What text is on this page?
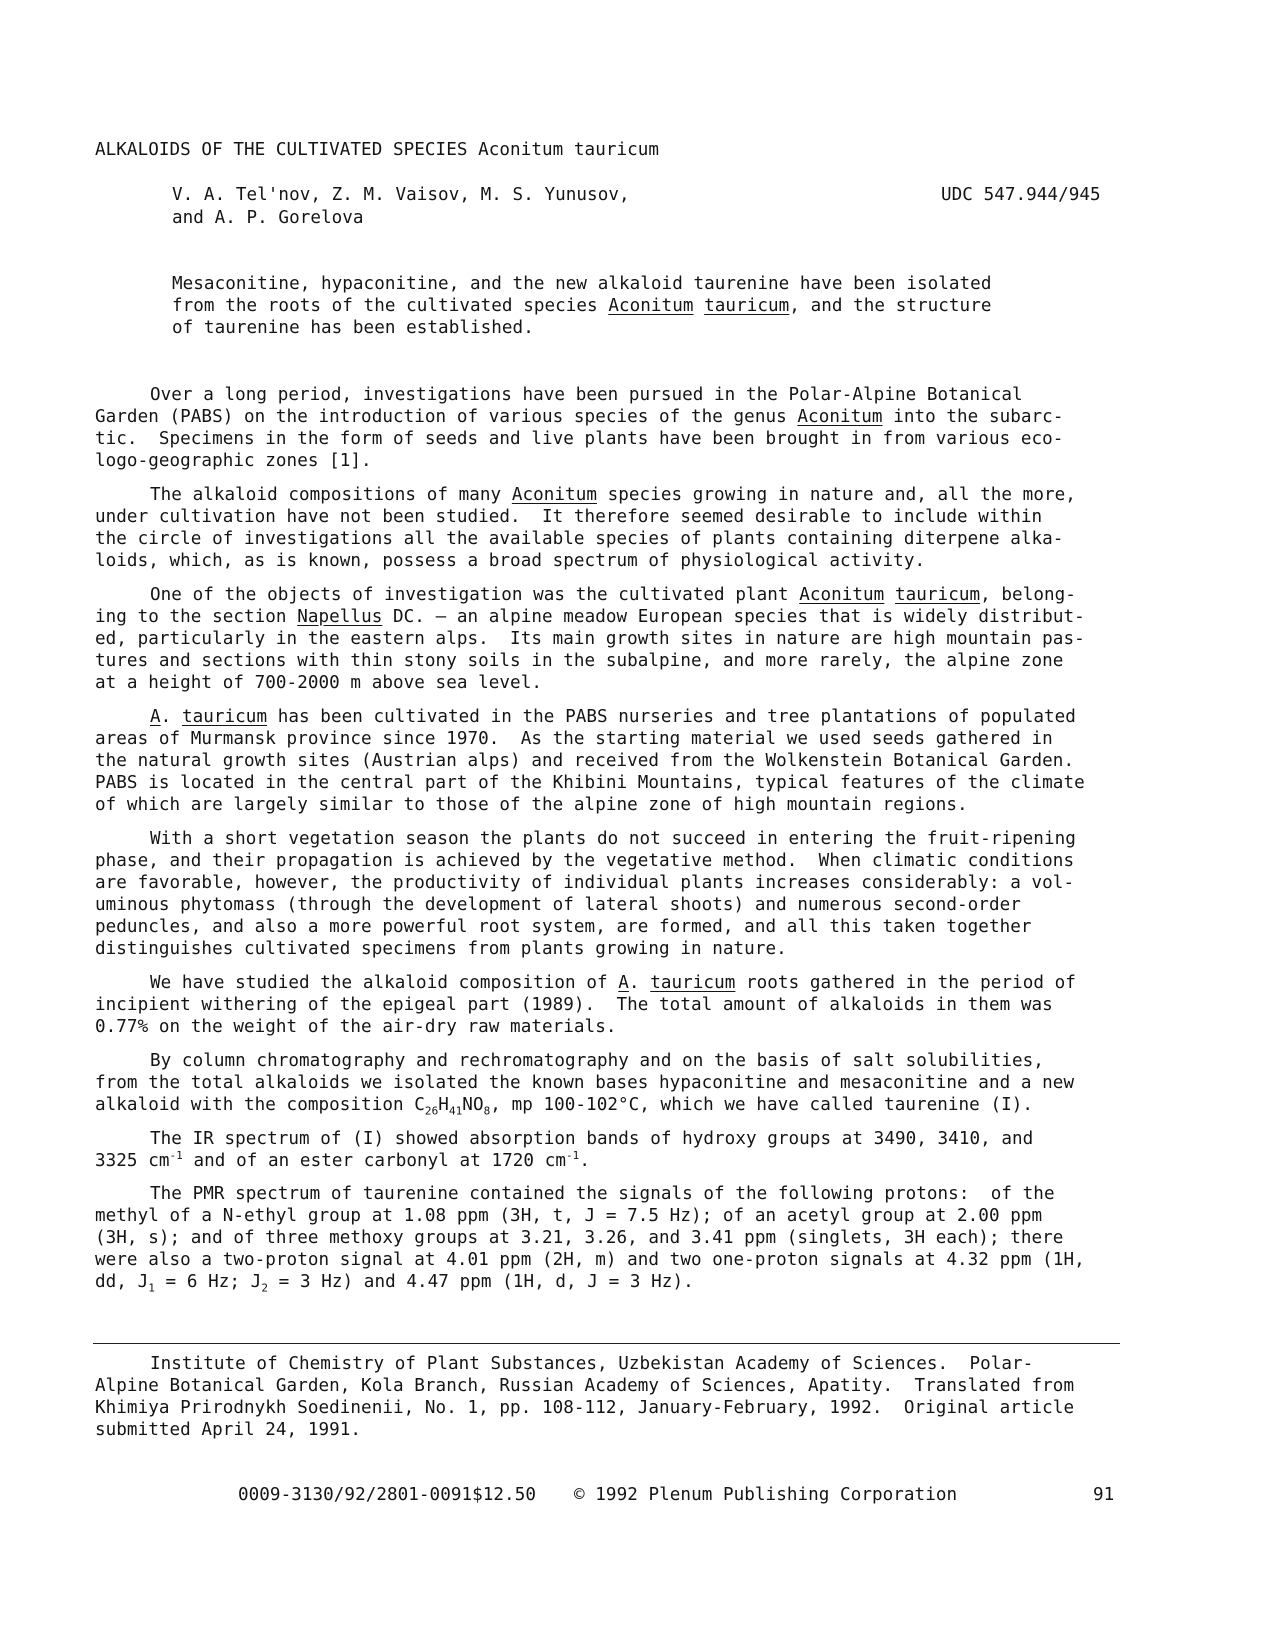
ALKALOIDS OF THE CULTIVATED SPECIES Aconitum tauricum
V. A. Tel'nov, Z. M. Vaisov, M. S. Yunusov,
and A. P. Gorelova
UDC 547.944/945
Mesaconitine, hypaconitine, and the new alkaloid taurenine have been isolated
from the roots of the cultivated species Aconitum tauricum, and the structure
of taurenine has been established.
Over a long period, investigations have been pursued in the Polar-Alpine Botanical
Garden (PABS) on the introduction of various species of the genus Aconitum into the subarc-
tic.  Specimens in the form of seeds and live plants have been brought in from various eco-
logo-geographic zones [1].
The alkaloid compositions of many Aconitum species growing in nature and, all the more,
under cultivation have not been studied.  It therefore seemed desirable to include within
the circle of investigations all the available species of plants containing diterpene alka-
loids, which, as is known, possess a broad spectrum of physiological activity.
One of the objects of investigation was the cultivated plant Aconitum tauricum, belong-
ing to the section Napellus DC. — an alpine meadow European species that is widely distribut-
ed, particularly in the eastern alps.  Its main growth sites in nature are high mountain pas-
tures and sections with thin stony soils in the subalpine, and more rarely, the alpine zone
at a height of 700-2000 m above sea level.
A. tauricum has been cultivated in the PABS nurseries and tree plantations of populated
areas of Murmansk province since 1970.  As the starting material we used seeds gathered in
the natural growth sites (Austrian alps) and received from the Wolkenstein Botanical Garden.
PABS is located in the central part of the Khibini Mountains, typical features of the climate
of which are largely similar to those of the alpine zone of high mountain regions.
With a short vegetation season the plants do not succeed in entering the fruit-ripening
phase, and their propagation is achieved by the vegetative method.  When climatic conditions
are favorable, however, the productivity of individual plants increases considerably: a vol-
uminous phytomass (through the development of lateral shoots) and numerous second-order
peduncles, and also a more powerful root system, are formed, and all this taken together
distinguishes cultivated specimens from plants growing in nature.
We have studied the alkaloid composition of A. tauricum roots gathered in the period of
incipient withering of the epigeal part (1989).  The total amount of alkaloids in them was
0.77% on the weight of the air-dry raw materials.
By column chromatography and rechromatography and on the basis of salt solubilities,
from the total alkaloids we isolated the known bases hypaconitine and mesaconitine and a new
alkaloid with the composition $C_{26}H_{41}NO_8$, mp 100-102°C, which we have called taurenine (I).
The IR spectrum of (I) showed absorption bands of hydroxy groups at 3490, 3410, and
3325 $cm^{-1}$ and of an ester carbonyl at 1720 $cm^{-1}$.
The PMR spectrum of taurenine contained the signals of the following protons:  of the
methyl of a N-ethyl group at 1.08 ppm (3H, t, J = 7.5 Hz); of an acetyl group at 2.00 ppm
(3H, s); and of three methoxy groups at 3.21, 3.26, and 3.41 ppm (singlets, 3H each); there
were also a two-proton signal at 4.01 ppm (2H, m) and two one-proton signals at 4.32 ppm (1H,
dd, $J_1 = 6$ Hz; $J_2 = 3$ Hz) and 4.47 ppm (1H, d, J = 3 Hz).
Institute of Chemistry of Plant Substances, Uzbekistan Academy of Sciences.  Polar-
Alpine Botanical Garden, Kola Branch, Russian Academy of Sciences, Apatity.  Translated from
Khimiya Prirodnykh Soedinenii, No. 1, pp. 108-112, January-February, 1992.  Original article
submitted April 24, 1991.
0009-3130/92/2801-0091$12.50 © 1992 Plenum Publishing Corporation	91
